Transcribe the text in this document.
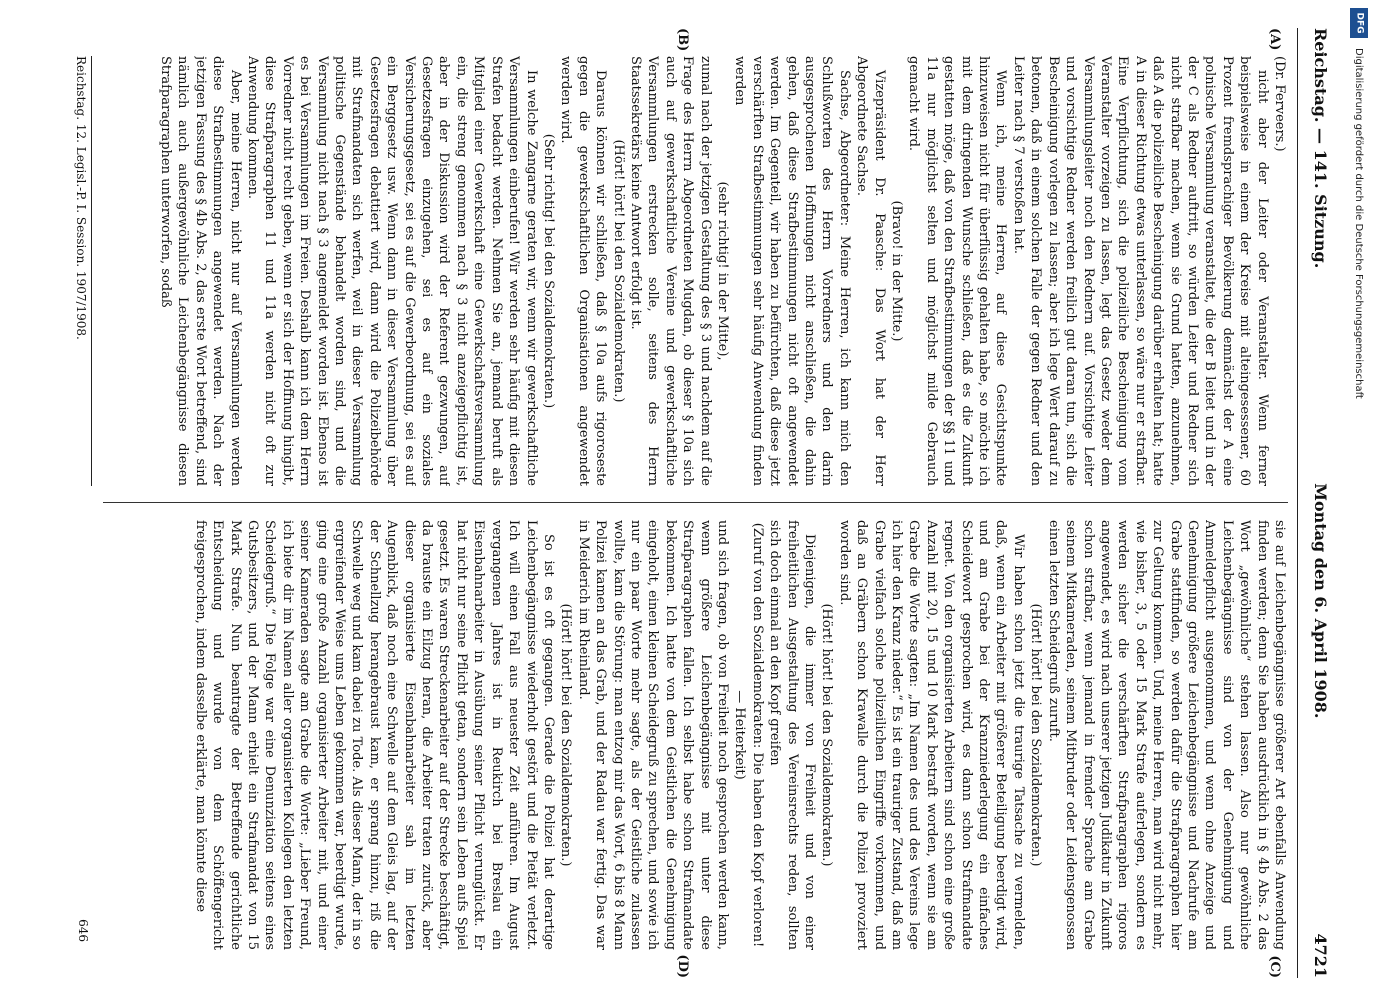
Reichstag. — 141. Sitzung.
Montag den 6. April 1908.
4721
(A)
(B)
(C)
(D)

(Dr. Ferveers.)

nicht aber der Leiter oder Veranstalter. Wenn ferner beispielsweise in einem der Kreise mit alteingesessener, 60 Prozent fremdsprachiger Bevölkerung demnächst der A eine polnische Versammlung veranstaltet, die der B leitet und in der der C als Redner auftritt, so würden Leiter und Redner sich nicht strafbar machen, wenn sie Grund hatten, anzunehmen, daß A die polizeiliche Bescheinigung darüber erhalten hat; hatte A in dieser Richtung etwas unterlassen, so wäre nur er strafbar. Eine Verpflichtung, sich die polizeiliche Bescheinigung vom Veranstalter vorzeigen zu lassen, legt das Gesetz weder dem Versammlungsleiter noch den Rednern auf. Vorsichtige Leiter und vorsichtige Redner werden freilich gut daran tun, sich die Bescheinigung vorlegen zu lassen; aber ich lege Wert darauf zu betonen, daß in einem solchen Falle der gegen Redner und den Leiter nach § 7 verstoßen hat.

Wenn ich, meine Herren, auf diese Gesichtspunkte hinzuweisen nicht für überflüssig gehalten habe, so möchte ich mit dem dringenden Wunsche schließen, daß es die Zukunft gestatten möge, daß von den Strafbestimmungen der §§ 11 und 11a nur möglichst selten und möglichst milde Gebrauch gemacht wird.

(Bravo! in der Mitte.)

Vizepräsident Dr. Paasche: Das Wort hat der Herr Abgeordnete Sachse.

Sachse, Abgeordneter: Meine Herren, ich kann mich den Schlußworten des Herrn Vorredners und den darin ausgesprochenen Hoffnungen nicht anschließen, die dahin gehen, daß diese Strafbestimmungen nicht oft angewendet werden. Im Gegenteil, wir haben zu befürchten, daß diese jetzt verschärften Strafbestimmungen sehr häufig Anwendung finden werden

(sehr richtig! in der Mitte),

zumal nach der jetzigen Gestaltung des § 3 und nachdem auf die Frage des Herrn Abgeordneten Mugdan, ob dieser § 10a sich auch auf gewerkschaftliche Vereine und gewerkschaftliche Versammlungen erstrecken solle, seitens des Herrn Staatssekretärs keine Antwort erfolgt ist.

(Hört! hört! bei den Sozialdemokraten.)

Daraus können wir schließen, daß § 10a aufs rigoroseste gegen die gewerkschaftlichen Organisationen angewendet werden wird.

(Sehr richtig! bei den Sozialdemokraten.)

In welche Zangarne geraten wir, wenn wir gewerkschaftliche Versammlungen einberufen! Wir werden sehr häufig mit diesen Strafen bedacht werden. Nehmen Sie an, jemand beruft als Mitglied einer Gewerkschaft eine Gewerkschaftsversammlung ein, die streng genommen nach § 3 nicht anzeigepflichtig ist, aber in der Diskussion wird der Referent gezwungen, auf Gesetzesfragen einzugehen, sei es auf ein soziales Versicherungsgesetz, sei es auf die Gewerbeordnung, sei es auf ein Berggesetz usw. Wenn dann in dieser Versammlung über Gesetzesfragen debattiert wird, dann wird die Polizeibehörde mit Strafmandaten sich werfen, weil in dieser Versammlung politische Gegenstände behandelt worden sind, und die Versammlung nicht nach § 3 angemeldet worden ist. Ebenso ist es bei Versammlungen im Freien. Deshalb kann ich dem Herrn Vorredner nicht recht geben, wenn er sich der Hoffnung hingibt, diese Strafparagraphen 11 und 11a werden nicht oft zur Anwendung kommen.

Aber, meine Herren, nicht nur auf Versammlungen werden diese Strafbestimmungen angewendet werden. Nach der jetzigen Fassung des § 4b Abs. 2, das erste Wort betreffend, sind nämlich auch außergewöhnliche Leichenbegängnisse diesen Strafparagraphen unterworfen, sodaß

sie auf Leichenbegängnisse größerer Art ebenfalls Anwendung finden werden; denn Sie haben ausdrücklich in § 4b Abs. 2 das Wort „gewöhnliche“ stehen lassen. Also nur gewöhnliche Leichenbegängnisse sind von der Genehmigung und Anmeldepflicht ausgenommen, und wenn ohne Anzeige und Genehmigung größere Leichenbegängnisse und Nachrufe am Grabe stattfinden, so werden dafür die Strafparagraphen hier zur Geltung kommen. Und, meine Herren, man wird nicht mehr, wie bisher, 3, 5 oder 15 Mark Strafe auferlegen, sondern es werden sicher die verschärften Strafparagraphen rigoros angewendet, es wird nach unserer jetzigen Judikatur in Zukunft schon strafbar, wenn jemand in fremder Sprache am Grabe seinem Mitkameraden, seinem Mitbruder oder Leidensgenossen einen letzten Scheidegruß zuruft.

(Hört! hört! bei den Sozialdemokraten.)

Wir haben schon jetzt die traurige Tatsache zu vermelden, daß, wenn ein Arbeiter mit größerer Beteiligung beerdigt wird, und am Grabe bei der Kranzniederlegung ein einfaches Scheidewort gesprochen wird, es dann schon Strafmandate regnet. Von den organisierten Arbeitern sind schon eine große Anzahl mit 20, 15 und 10 Mark bestraft worden, wenn sie am Grabe die Worte sagten: „Im Namen des und des Vereins lege ich hier den Kranz nieder.“ Es ist ein trauriger Zustand, daß am Grabe vielfach solche polizeilichen Eingriffe vorkommen, und daß an Gräbern schon Krawalle durch die Polizei provoziert worden sind.

(Hört! hört! bei den Sozialdemokraten.)

Diejenigen, die immer von Freiheit und von einer freiheitlichen Ausgestaltung des Vereinsrechts reden, sollten sich doch einmal an den Kopf greifen

(Zuruf von den Sozialdemokraten: Die haben den Kopf verloren! — Heiterkeit)

und sich fragen, ob von Freiheit noch gesprochen werden kann, wenn größere Leichenbegängnisse mit unter diese Strafparagraphen fallen. Ich selbst habe schon Strafmandate bekommen. Ich hatte von dem Geistlichen die Genehmigung eingeholt, einen kleinen Scheidegruß zu sprechen, und sowie ich nur ein paar Worte mehr sagte, als der Geistliche zulassen wollte, kam die Störung: man entzog mir das Wort, 6 bis 8 Mann Polizei kamen an das Grab, und der Radau war fertig. Das war in Meiderich im Rheinland.

(Hört! hört! bei den Sozialdemokraten.)

So ist es oft gegangen. Gerade die Polizei hat derartige Leichenbegängnisse wiederholt gestört und die Pietät verletzt. Ich will einen Fall aus neuester Zeit anführen. Im August vergangenen Jahres ist in Reukirch bei Breslau ein Eisenbahnarbeiter in Ausübung seiner Pflicht verunglückt. Er hat nicht nur seine Pflicht getan, sondern sein Leben aufs Spiel gesetzt. Es waren Streckenarbeiter auf der Strecke beschäftigt, da brauste ein Eilzug heran, die Arbeiter traten zurück, aber dieser organisierte Eisenbahnarbeiter sah im letzten Augenblick, daß noch eine Schwelle auf dem Gleis lag, auf der der Schnellzug herangebraust kam, er sprang hinzu, riß die Schwelle weg und kam dabei zu Tode. Als dieser Mann, der in so ergreifender Weise ums Leben gekommen war, beerdigt wurde, ging eine große Anzahl organisierter Arbeiter mit, und einer seiner Kameraden sagte am Grabe die Worte: „Lieber Freund, ich biete dir im Namen aller organisierten Kollegen den letzten Scheidegruß.“ Die Folge war eine Denunziation seitens eines Gutsbesitzers, und der Mann erhielt ein Strafmandat von 15 Mark Strafe. Nun beantragte der Betreffende gerichtliche Entscheidung und wurde von dem Schöffengericht freigesprochen, indem dasselbe erklärte, man könnte diese

Reichstag. 12. Legisl.-P. I. Session. 1907/1908.
646
DFG
Digitalisierung gefördert durch die Deutsche Forschungsgemeinschaft
